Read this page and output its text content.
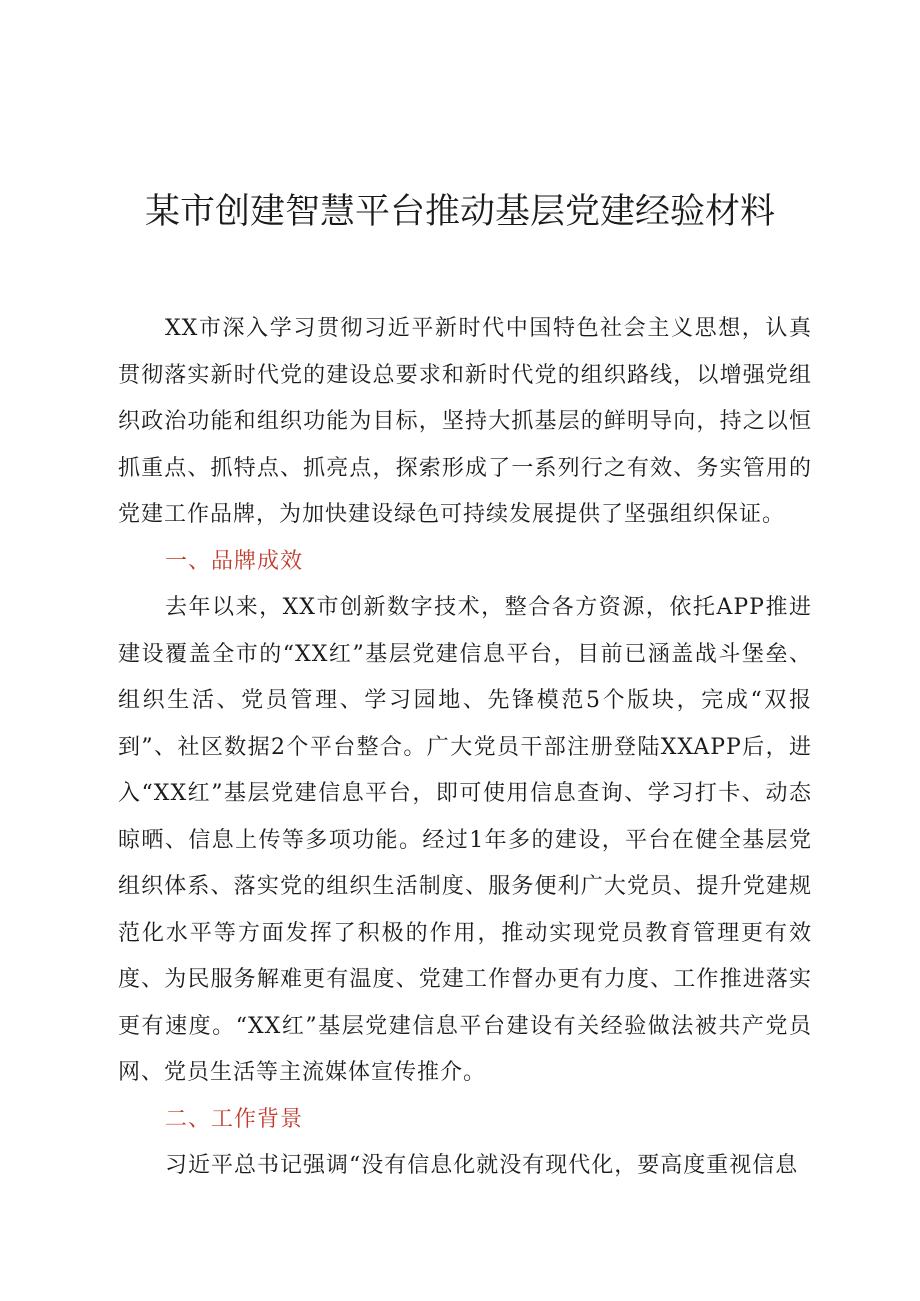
某市创建智慧平台推动基层党建经验材料

XX市深入学习贯彻习近平新时代中国特色社会主义思想，认真贯彻落实新时代党的建设总要求和新时代党的组织路线，以增强党组织政治功能和组织功能为目标，坚持大抓基层的鲜明导向，持之以恒抓重点、抓特点、抓亮点，探索形成了一系列行之有效、务实管用的党建工作品牌，为加快建设绿色可持续发展提供了坚强组织保证。

一、品牌成效

去年以来，XX市创新数字技术，整合各方资源，依托APP推进建设覆盖全市的“XX红”基层党建信息平台，目前已涵盖战斗堡垒、组织生活、党员管理、学习园地、先锋模范5个版块，完成“双报到”、社区数据2个平台整合。广大党员干部注册登陆XXAPP后，进入“XX红”基层党建信息平台，即可使用信息查询、学习打卡、动态晾晒、信息上传等多项功能。经过1年多的建设，平台在健全基层党组织体系、落实党的组织生活制度、服务便利广大党员、提升党建规范化水平等方面发挥了积极的作用，推动实现党员教育管理更有效度、为民服务解难更有温度、党建工作督办更有力度、工作推进落实更有速度。“XX红”基层党建信息平台建设有关经验做法被共产党员网、党员生活等主流媒体宣传推介。

二、工作背景

习近平总书记强调“没有信息化就没有现代化，要高度重视信息
